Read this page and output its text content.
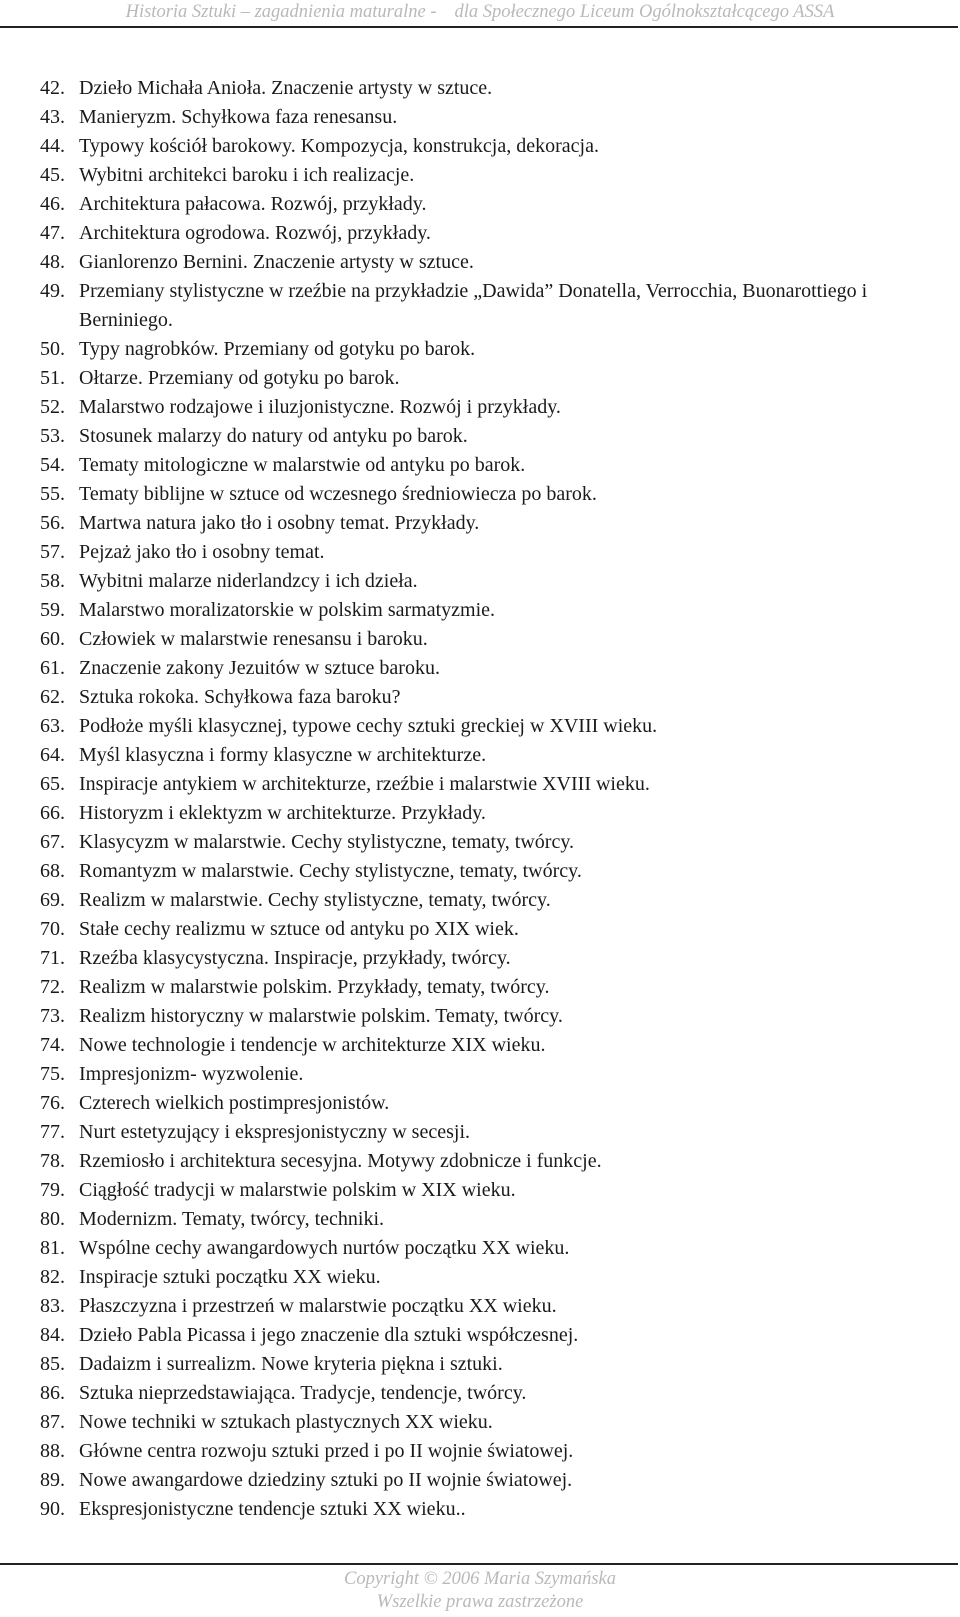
Historia Sztuki – zagadnienia maturalne - dla Społecznego Liceum Ogólnokształcącego ASSA
42. Dzieło Michała Anioła. Znaczenie artysty w sztuce.
43. Manieryzm. Schyłkowa faza renesansu.
44. Typowy kościół barokowy. Kompozycja, konstrukcja, dekoracja.
45. Wybitni architekci baroku i ich realizacje.
46. Architektura pałacowa. Rozwój, przykłady.
47. Architektura ogrodowa. Rozwój, przykłady.
48. Gianlorenzo Bernini. Znaczenie artysty w sztuce.
49. Przemiany stylistyczne w rzeźbie na przykładzie „Dawida” Donatella, Verrocchia, Buonarottiego i Berniniego.
50. Typy nagrobków. Przemiany od gotyku po barok.
51. Ołtarze. Przemiany od gotyku po barok.
52. Malarstwo rodzajowe i iluzjonistyczne. Rozwój i przykłady.
53. Stosunek malarzy do natury od antyku po barok.
54. Tematy mitologiczne w malarstwie od antyku po barok.
55. Tematy biblijne w sztuce od wczesnego średniowiecza po barok.
56. Martwa natura jako tło i osobny temat. Przykłady.
57. Pejzaż jako tło i osobny temat.
58. Wybitni malarze niderlandzcy i ich dzieła.
59. Malarstwo moralizatorskie w polskim sarmatyzmie.
60. Człowiek w malarstwie renesansu i baroku.
61. Znaczenie zakony Jezuitów w sztuce baroku.
62. Sztuka rokoka. Schyłkowa faza baroku?
63. Podłoże myśli klasycznej, typowe cechy sztuki greckiej w XVIII wieku.
64. Myśl klasyczna i formy klasyczne w architekturze.
65. Inspiracje antykiem w architekturze, rzeźbie i malarstwie XVIII wieku.
66. Historyzm i eklektyzm w architekturze. Przykłady.
67. Klasycyzm w malarstwie. Cechy stylistyczne, tematy, twórcy.
68. Romantyzm w malarstwie. Cechy stylistyczne, tematy, twórcy.
69. Realizm w malarstwie. Cechy stylistyczne, tematy, twórcy.
70. Stałe cechy realizmu w sztuce od antyku po XIX wiek.
71. Rzeźba klasycystyczna. Inspiracje, przykłady, twórcy.
72. Realizm w malarstwie polskim. Przykłady, tematy, twórcy.
73. Realizm historyczny w malarstwie polskim. Tematy, twórcy.
74. Nowe technologie i tendencje w architekturze XIX wieku.
75. Impresjonizm- wyzwolenie.
76. Czterech wielkich postimpresjonistów.
77. Nurt estetyzujący i ekspresjonistyczny w secesji.
78. Rzemiosło i architektura secesyjna. Motywy zdobnicze i funkcje.
79. Ciągłość tradycji w malarstwie polskim w XIX wieku.
80. Modernizm. Tematy, twórcy, techniki.
81. Wspólne cechy awangardowych nurtów początku XX wieku.
82. Inspiracje sztuki początku XX wieku.
83. Płaszczyzna i przestrzeń w malarstwie początku XX wieku.
84. Dzieło Pabla Picassa i jego znaczenie dla sztuki współczesnej.
85. Dadaizm i surrealizm. Nowe kryteria piękna i sztuki.
86. Sztuka nieprzedstawiająca. Tradycje, tendencje, twórcy.
87. Nowe techniki w sztukach plastycznych XX wieku.
88. Główne centra rozwoju sztuki przed i po II wojnie światowej.
89. Nowe awangardowe dziedziny sztuki po II wojnie światowej.
90. Ekspresjonistyczne tendencje sztuki XX wieku..
Copyright © 2006 Maria Szymańska
Wszelkie prawa zastrzeżone
